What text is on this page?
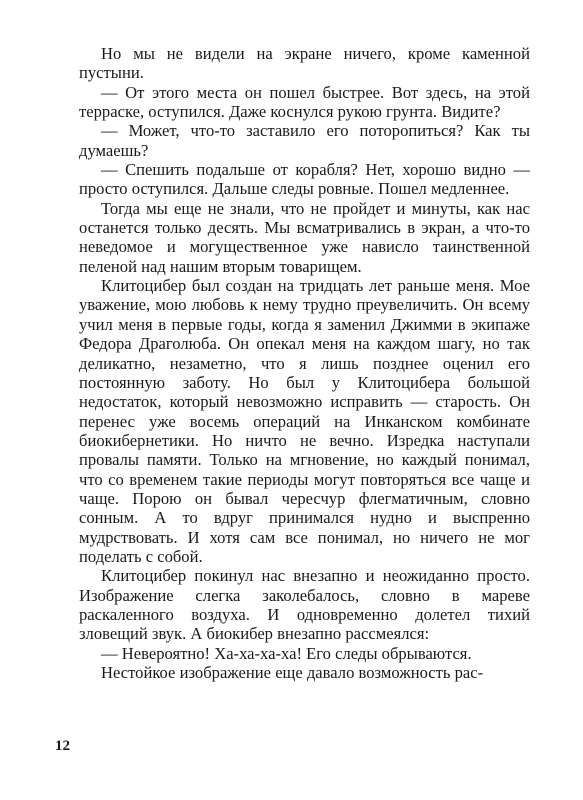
Но мы не видели на экране ничего, кроме каменной пустыни.

— От этого места он пошел быстрее. Вот здесь, на этой терраске, оступился. Даже коснулся рукою грунта. Видите?

— Может, что-то заставило его поторопиться? Как ты думаешь?

— Спешить подальше от корабля? Нет, хорошо видно — просто оступился. Дальше следы ровные. Пошел медленнее.

Тогда мы еще не знали, что не пройдет и минуты, как нас останется только десять. Мы всматривались в экран, а что-то неведомое и могущественное уже нависло таинственной пеленой над нашим вторым товарищем.

Клитоцибер был создан на тридцать лет раньше меня. Мое уважение, мою любовь к нему трудно преувеличить. Он всему учил меня в первые годы, когда я заменил Джимми в экипаже Федора Драголюба. Он опекал меня на каждом шагу, но так деликатно, незаметно, что я лишь позднее оценил его постоянную заботу. Но был у Клитоцибера большой недостаток, который невозможно исправить — старость. Он перенес уже восемь операций на Инканском комбинате биокибернетики. Но ничто не вечно. Изредка наступали провалы памяти. Только на мгновение, но каждый понимал, что со временем такие периоды могут повторяться все чаще и чаще. Порою он бывал чересчур флегматичным, словно сонным. А то вдруг принимался нудно и выспренно мудрствовать. И хотя сам все понимал, но ничего не мог поделать с собой.

Клитоцибер покинул нас внезапно и неожиданно просто. Изображение слегка заколебалось, словно в мареве раскаленного воздуха. И одновременно долетел тихий зловещий звук. А биокибер внезапно рассмеялся:

— Невероятно! Ха-ха-ха-ха! Его следы обрываются.

Нестойкое изображение еще давало возможность рас-

12
